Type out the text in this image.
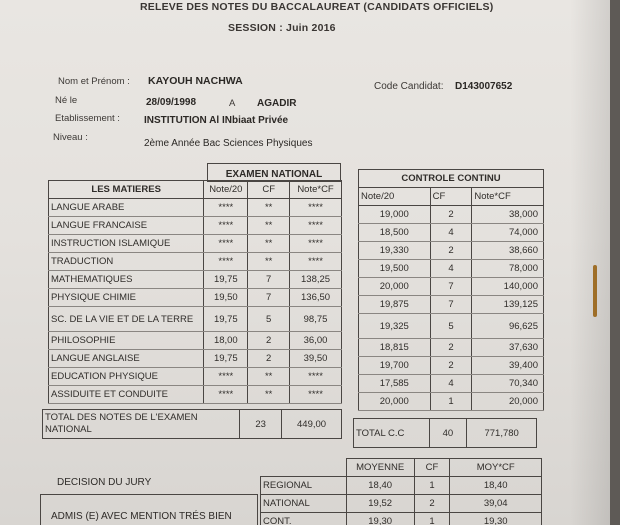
RELEVE DES NOTES DU BACCALAUREAT (CANDIDATS OFFICIELS)
SESSION : Juin 2016
Nom et Prénom : KAYOUH NACHWA	Code Candidat: D143007652
Né le	28/09/1998	A AGADIR
Etablissement : INSTITUTION Al INbiaat Privée
Niveau :
2ème Année Bac Sciences Physiques
EXAMEN NATIONAL
LES MATIERES	Note/20	CF	Note*CF
LANGUE ARABE	****	**	****
LANGUE FRANCAISE	****	**	****
INSTRUCTION ISLAMIQUE	****	**	****
TRADUCTION	****	**	****
MATHEMATIQUES	19,75	7	138,25
PHYSIQUE CHIMIE	19,50	7	136,50
SC. DE LA VIE ET DE LA TERRE	19,75	5	98,75
PHILOSOPHIE	18,00	2	36,00
LANGUE ANGLAISE	19,75	2	39,50
EDUCATION PHYSIQUE	****	**	****
ASSIDUITE ET CONDUITE	****	**	****
TOTAL DES NOTES DE L'EXAMEN NATIONAL	23	449,00
CONTROLE CONTINU		
Note/20	CF	Note*CF
19,000	2	38,000
18,500	4	74,000
19,330	2	38,660
19,500	4	78,000
20,000	7	140,000
19,875	7	139,125
19,325	5	96,625
18,815	2	37,630
19,700	2	39,400
17,585	4	70,340
20,000	1	20,000
TOTAL C.C	40	771,780
DECISION DU JURY
ADMIS (E) AVEC MENTION TRÉS BIEN
	MOYENNE	CF	MOY*CF
REGIONAL	18,40	1	18,40
NATIONAL	19,52	2	39,04
CONT.	19,30	1	19,30
